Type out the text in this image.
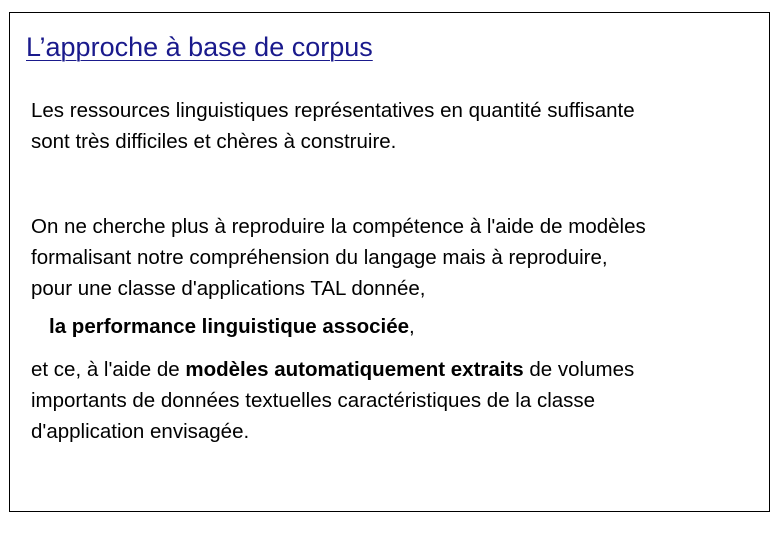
L’approche à base de corpus

Les ressources linguistiques représentatives en quantité suffisante
sont très difficiles et chères à construire.

On ne cherche plus à reproduire la compétence à l'aide de modèles
formalisant notre compréhension du langage mais à reproduire,
pour une classe d'applications TAL donnée,

la performance linguistique associée,

et ce, à l'aide de modèles automatiquement extraits de volumes
importants de données textuelles caractéristiques de la classe
d'application envisagée.
